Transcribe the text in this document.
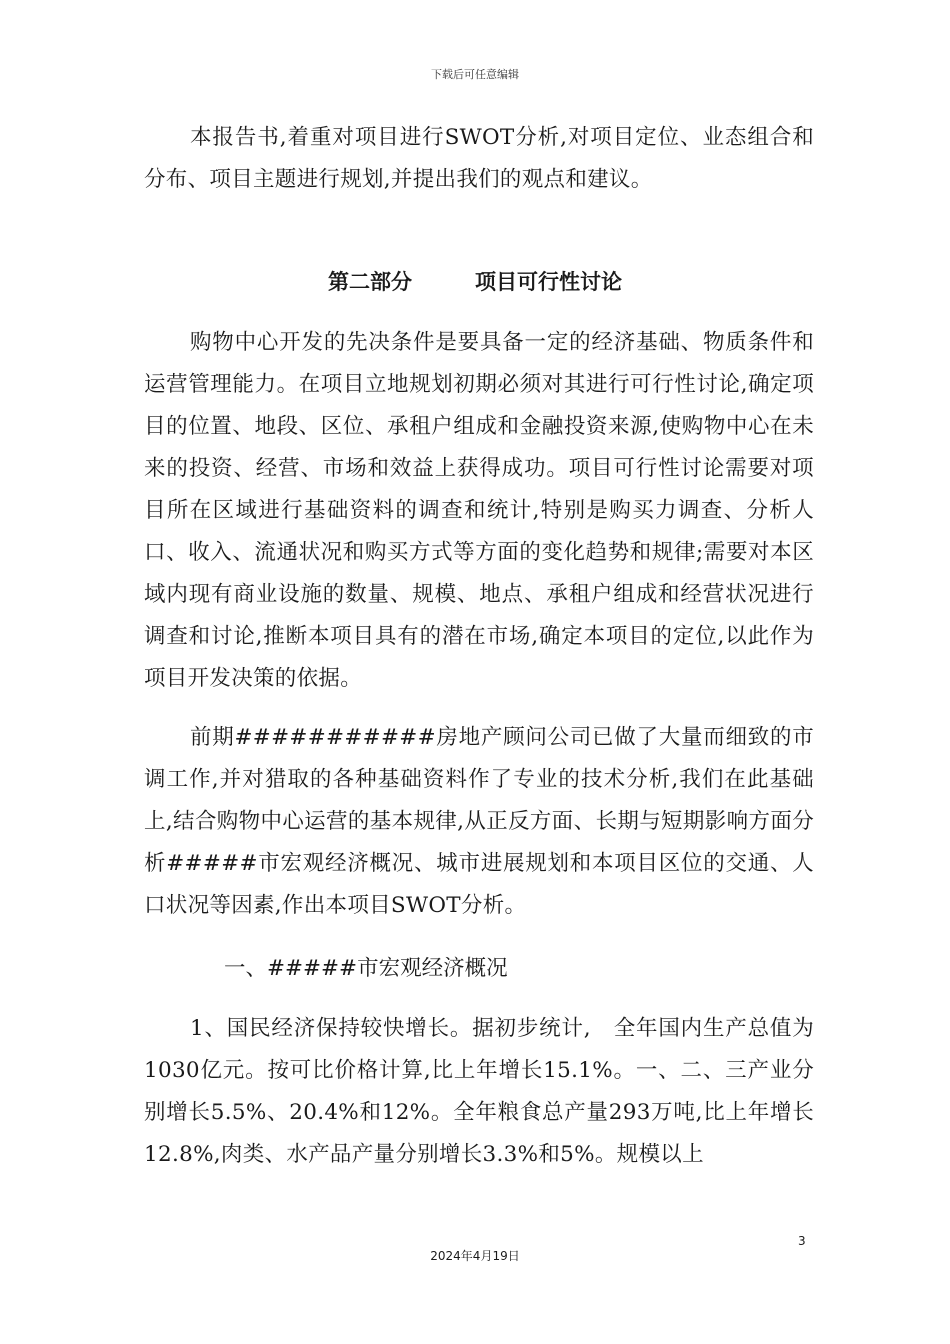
下载后可任意编辑

本报告书,着重对项目进行SWOT分析,对项目定位、业态组合和分布、项目主题进行规划,并提出我们的观点和建议。

第二部分　　　项目可行性讨论

购物中心开发的先决条件是要具备一定的经济基础、物质条件和运营管理能力。在项目立地规划初期必须对其进行可行性讨论,确定项目的位置、地段、区位、承租户组成和金融投资来源,使购物中心在未来的投资、经营、市场和效益上获得成功。项目可行性讨论需要对项目所在区域进行基础资料的调查和统计,特别是购买力调查、分析人口、收入、流通状况和购买方式等方面的变化趋势和规律;需要对本区域内现有商业设施的数量、规模、地点、承租户组成和经营状况进行调查和讨论,推断本项目具有的潜在市场,确定本项目的定位,以此作为项目开发决策的依据。

前期###########房地产顾问公司已做了大量而细致的市调工作,并对猎取的各种基础资料作了专业的技术分析,我们在此基础上,结合购物中心运营的基本规律,从正反方面、长期与短期影响方面分析#####市宏观经济概况、城市进展规划和本项目区位的交通、人口状况等因素,作出本项目SWOT分析。

一、#####市宏观经济概况

1、国民经济保持较快增长。据初步统计,　全年国内生产总值为1030亿元。按可比价格计算,比上年增长15.1%。一、二、三产业分别增长5.5%、20.4%和12%。全年粮食总产量293万吨,比上年增长12.8%,肉类、水产品产量分别增长3.3%和5%。规模以上

3
2024年4月19日
